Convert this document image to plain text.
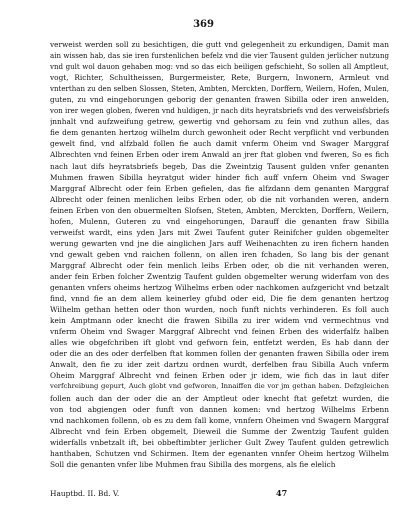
369
verweist werden soll zu besichtigen, die gutt vnd gelegenheit zu erkundigen, Damit man
ain wissen hab, das sie iren furstenlichen befelz vnd die vier Tausent gulden jerlicher nutzung
vnd gult wol dauon gehaben mog: vnd so das eich beiligen gefschieht, So sollen all Amptleut,
vogt, Richter, Schultheissen, Burgermeister, Rete, Burgern, Inwonern, Armleut vnd
vnterthan zu den selben Slossen, Steten, Ambten, Merckten, Dorffern, Weilern, Hofen, Mulen,
guten, zu vnd eingehorungen geborig der genanten frawen Sibilla oder iren anwelden,
von irer wegen globen, fweren vnd huldigen, jr nach dits heyratsbriefs vnd des verweisfsbriefs
jnnhalt vnd aufzweifung getrew, gewertig vnd gehorsam zu fein vnd zuthun alles, das
fie dem genanten hertzog wilhelm durch gewonheit oder Recht verpflicht vnd verbunden
gewelt find, vnd alfzbald follen fie auch damit vnferm Oheim vnd Swager Marggraf
Albrechten vnd feinen Erben oder irem Anwald an jrer ftat globen vnd fweren, So es fich
nach laut difs heyratsbriefs begeb, Das die Zweintzig Tausent gulden vnfer genanten
Muhmen frawen Sibilla heyratgut wider hinder fich auff vnfern Oheim vnd Swager
Marggraf Albrecht oder fein Erben gefielen, das fie alfzdann dem genanten Marggraf
Albrecht oder feinen menlichen leibs Erben oder, ob die nit vorhanden weren, andern
feinen Erben von den obuermelten Slofsen, Steten, Ambten, Merckten, Dorffern, Weilern,
hofen, Mulenn, Guteren zu vnd eingehorungen, Darauff die genanten fraw Sibilla
verweifst wardt, eins yden Jars mit Zwei Taufent guter Reinifcher gulden obgemelter
werung gewarten vnd jne die ainglichen Jars auff Weihenachten zu iren fichern handen
vnd gewalt geben vnd raichen follenn, on allen iren fchaden, So lang bis der genant
Marggraf Albrecht oder fein menlich leibs Erben oder, ob die nit verhanden weren,
ander fein Erben folcher Zwentzig Taufent gulden obgemelter werung widerfam von des
genanten vnfers oheims hertzog Wilhelms erben oder nachkomen aufzgericht vnd betzalt
find, vnnd fie an dem allem keinerley gfubd oder eid, Die fie dem genanten hertzog
Wilhelm gethan hetten oder thon wurden, noch funft nichts verhinderen. Es foll auch
kein Amptmann oder knecht die frawen Sibilla zu irer widem vnd vermechtnus vnd
vnferm Oheim vnd Swager Marggraf Albrecht vnd feinen Erben des widerfalfz halben
alles wie obgefchriben ift globt vnd gefworn fein, entfetzt werden, Es hab dann der
oder die an des oder derfelben ftat kommen follen der genanten frawen Sibilla oder irem
Anwalt, den fie zu ider zeit dartzu ordnen wurdt, derfelben frau Sibilla Auch vnferm
Oheim Marggraf Albrecht vnd feinen Erben oder jr idem, wie fich das in laut difer
verfchreibung gepurt, Auch globt vnd gefworen, Innaiffen die vor jm gethan haben. Defzgleichen
follen auch dan der oder die an der Amptleut oder knecht ftat gefetzt wurden, die
von tod abgiengen oder funft von dannen komen: vnd hertzog Wilhelms Erbenn
vnd nachkomen follenn, ob es zu dem fall kome, vnnfern Oheimen vnd Swagern Marggraf
Albrecht vnd fein Erben obgemelt, Dieweil die Summe der Zwentzig Taufent gulden
widerfalls vnbetzalt ift, bei obbeftimbter jerlicher Gult Zwey Taufent gulden getrewlich
hanthaben, Schutzen vnd Schirmen. Item der egenanten vnnfer Oheim hertzog Wilhelm
Soll die genanten vnfer libe Muhmen frau Sibilla des morgens, als fie elelich
Hauptbd. II. Bd. V.	47
